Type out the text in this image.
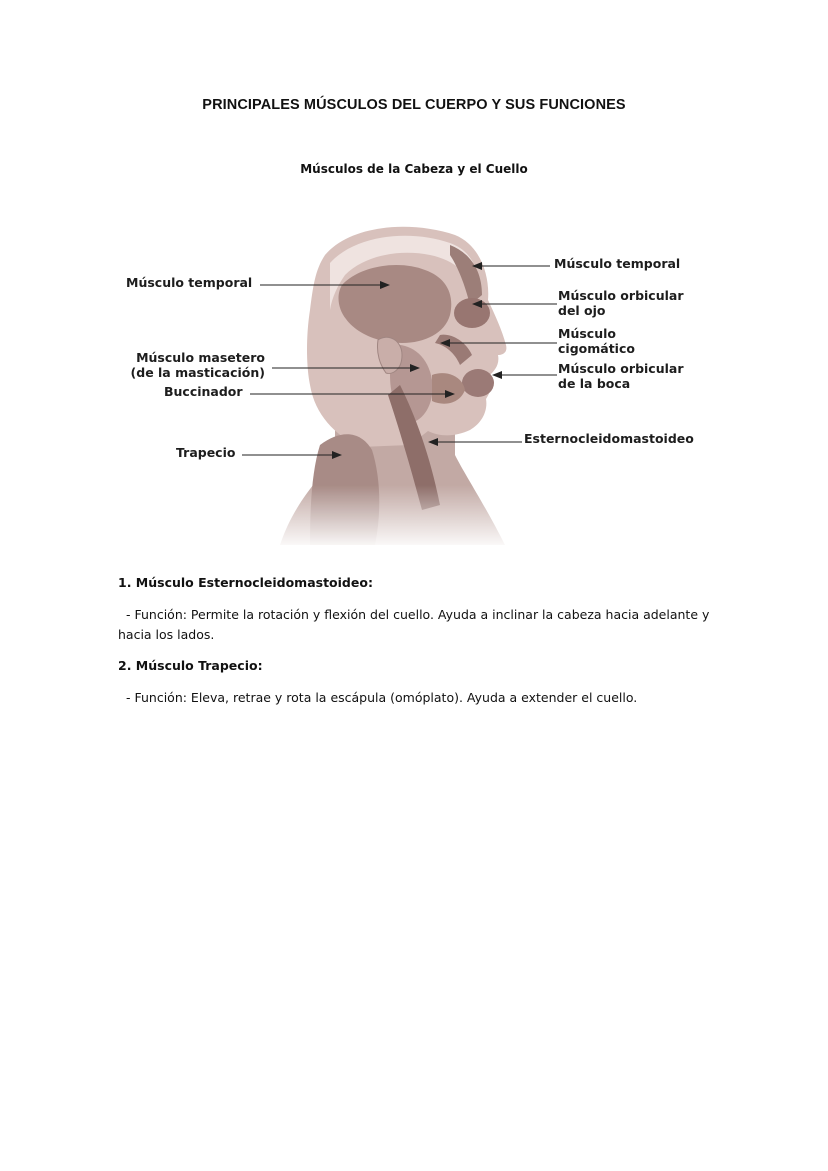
PRINCIPALES MÚSCULOS DEL CUERPO Y SUS FUNCIONES
Músculos de la Cabeza y el Cuello
Músculo temporal
Músculo masetero
(de la masticación)
Buccinador
Trapecio
Músculo temporal
Músculo orbicular
del ojo
Músculo
cigomático
Músculo orbicular
de la boca
Esternocleidomastoideo
1. Músculo Esternocleidomastoideo:
- Función: Permite la rotación y flexión del cuello. Ayuda a inclinar la cabeza hacia adelante y hacia los lados.
2. Músculo Trapecio:
- Función: Eleva, retrae y rota la escápula (omóplato). Ayuda a extender el cuello.
